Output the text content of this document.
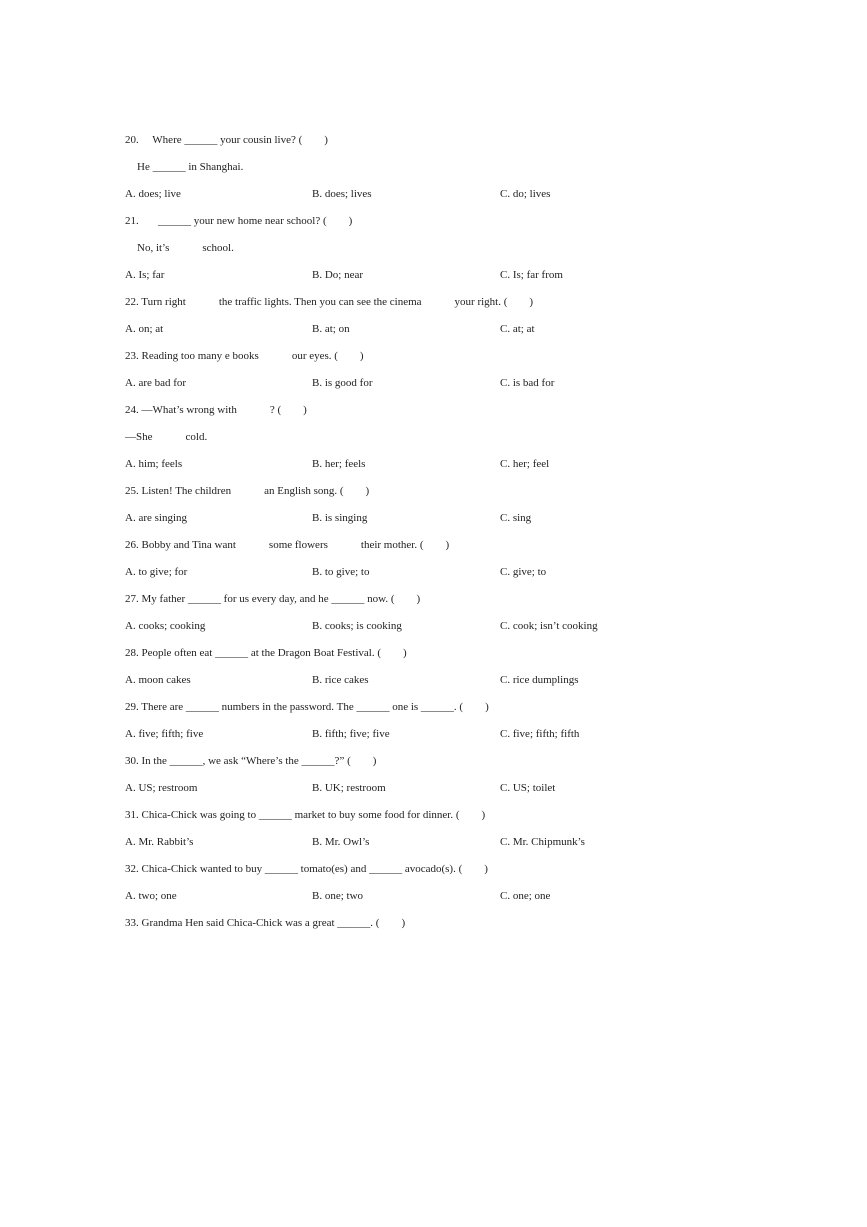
20.     Where ______ your cousin live? (        )
He ______ in Shanghai.
A. does; live	B. does; lives	C. do; lives
21.       ______ your new home near school? (        )
No, it’s            school.
A. Is; far	B. Do; near	C. Is; far from
22. Turn right            the traffic lights. Then you can see the cinema            your right. (        )
A. on; at	B. at; on	C. at; at
23. Reading too many e books            our eyes. (        )
A. are bad for	B. is good for	C. is bad for
24. —What’s wrong with            ? (        )
—She            cold.
A. him; feels	B. her; feels	C. her; feel
25. Listen! The children            an English song. (        )
A. are singing	B. is singing	C. sing
26. Bobby and Tina want            some flowers            their mother. (        )
A. to give; for	B. to give; to	C. give; to
27. My father ______ for us every day, and he ______ now. (        )
A. cooks; cooking	B. cooks; is cooking	C. cook; isn’t cooking
28. People often eat ______ at the Dragon Boat Festival. (        )
A. moon cakes	B. rice cakes	C. rice dumplings
29. There are ______ numbers in the password. The ______ one is ______. (        )
A. five; fifth; five	B. fifth; five; five	C. five; fifth; fifth
30. In the ______, we ask “Where’s the ______?” (        )
A. US; restroom	B. UK; restroom	C. US; toilet
31. Chica-Chick was going to ______ market to buy some food for dinner. (        )
A. Mr. Rabbit’s	B. Mr. Owl’s	C. Mr. Chipmunk’s
32. Chica-Chick wanted to buy ______ tomato(es) and ______ avocado(s). (        )
A. two; one	B. one; two	C. one; one
33. Grandma Hen said Chica-Chick was a great ______. (        )
